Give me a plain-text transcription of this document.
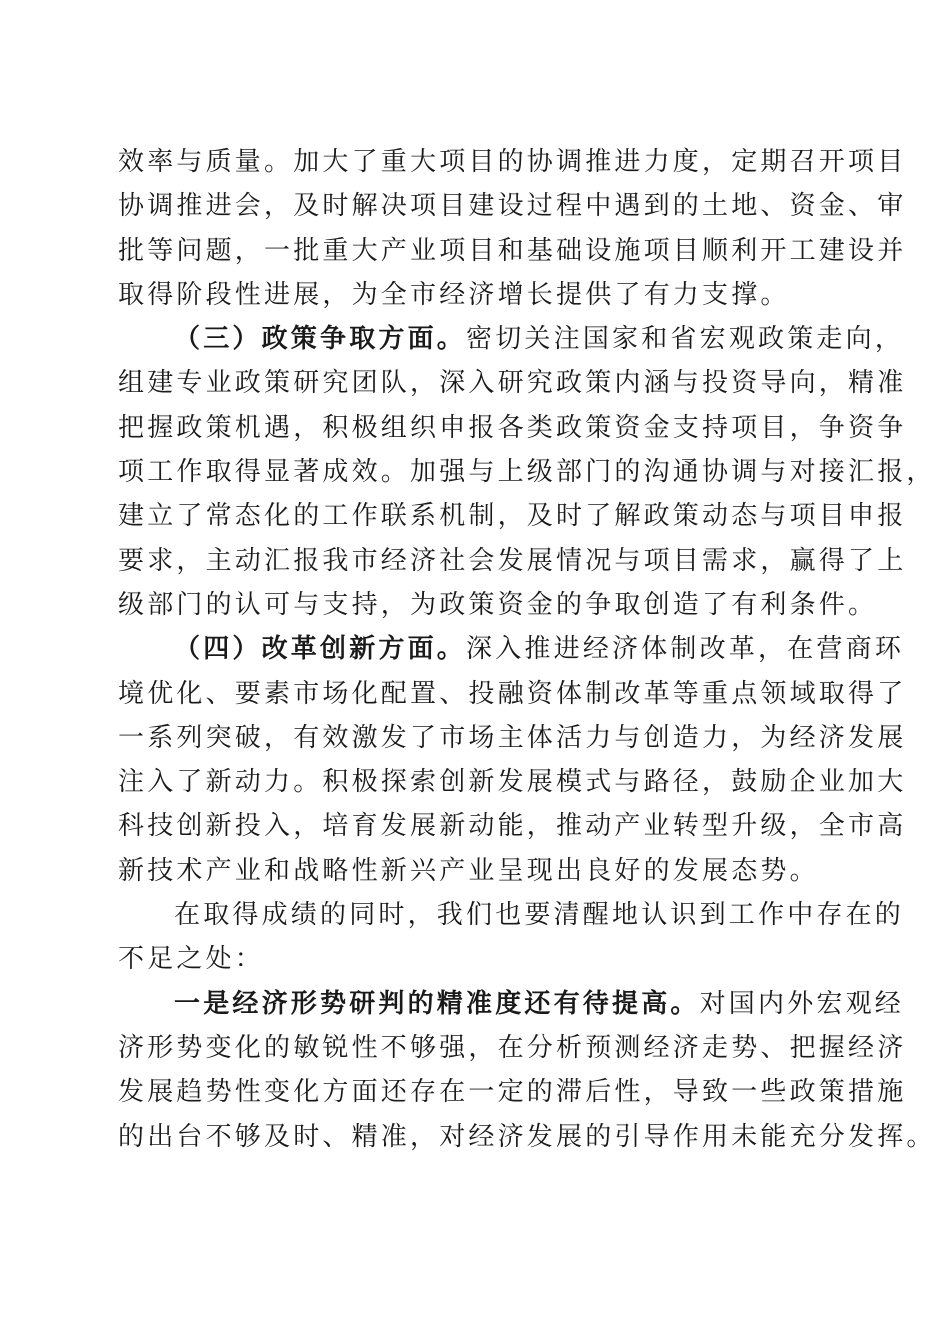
效率与质量。加大了重大项目的协调推进力度，定期召开项目
协调推进会，及时解决项目建设过程中遇到的土地、资金、审
批等问题，一批重大产业项目和基础设施项目顺利开工建设并
取得阶段性进展，为全市经济增长提供了有力支撑。
（三）政策争取方面。密切关注国家和省宏观政策走向，
组建专业政策研究团队，深入研究政策内涵与投资导向，精准
把握政策机遇，积极组织申报各类政策资金支持项目，争资争
项工作取得显著成效。加强与上级部门的沟通协调与对接汇报，
建立了常态化的工作联系机制，及时了解政策动态与项目申报
要求，主动汇报我市经济社会发展情况与项目需求，赢得了上
级部门的认可与支持，为政策资金的争取创造了有利条件。
（四）改革创新方面。深入推进经济体制改革，在营商环
境优化、要素市场化配置、投融资体制改革等重点领域取得了
一系列突破，有效激发了市场主体活力与创造力，为经济发展
注入了新动力。积极探索创新发展模式与路径，鼓励企业加大
科技创新投入，培育发展新动能，推动产业转型升级，全市高
新技术产业和战略性新兴产业呈现出良好的发展态势。
在取得成绩的同时，我们也要清醒地认识到工作中存在的
不足之处：
一是经济形势研判的精准度还有待提高。对国内外宏观经
济形势变化的敏锐性不够强，在分析预测经济走势、把握经济
发展趋势性变化方面还存在一定的滞后性，导致一些政策措施
的出台不够及时、精准，对经济发展的引导作用未能充分发挥。
